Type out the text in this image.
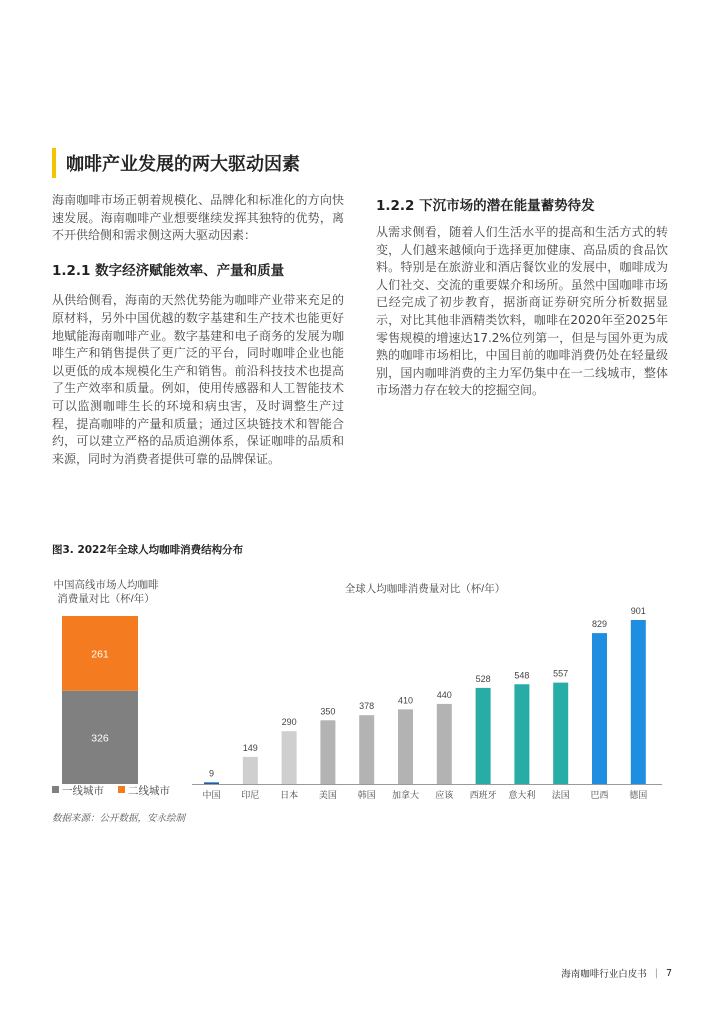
咖啡产业发展的两大驱动因素

海南咖啡市场正朝着规模化、品牌化和标准化的方向快速发展。海南咖啡产业想要继续发挥其独特的优势，离不开供给侧和需求侧这两大驱动因素：

1.2.1 数字经济赋能效率、产量和质量

从供给侧看，海南的天然优势能为咖啡产业带来充足的原材料，另外中国优越的数字基建和生产技术也能更好地赋能海南咖啡产业。数字基建和电子商务的发展为咖啡生产和销售提供了更广泛的平台，同时咖啡企业也能以更低的成本规模化生产和销售。前沿科技技术也提高了生产效率和质量。例如，使用传感器和人工智能技术可以监测咖啡生长的环境和病虫害，及时调整生产过程，提高咖啡的产量和质量；通过区块链技术和智能合约，可以建立严格的品质追溯体系，保证咖啡的品质和来源，同时为消费者提供可靠的品牌保证。

1.2.2 下沉市场的潜在能量蓄势待发

从需求侧看，随着人们生活水平的提高和生活方式的转变，人们越来越倾向于选择更加健康、高品质的食品饮料。特别是在旅游业和酒店餐饮业的发展中，咖啡成为人们社交、交流的重要媒介和场所。虽然中国咖啡市场已经完成了初步教育，据浙商证券研究所分析数据显示，对比其他非酒精类饮料，咖啡在2020年至2025年零售规模的增速达17.2%位列第一，但是与国外更为成熟的咖啡市场相比，中国目前的咖啡消费仍处在轻量级别，国内咖啡消费的主力军仍集中在一二线城市，整体市场潜力存在较大的挖掘空间。

图3. 2022年全球人均咖啡消费结构分布
中国高线市场人均咖啡
消费量对比（杯/年）
326
261
一线城市 二线城市
全球人均咖啡消费量对比（杯/年）
9
中国
149
印尼
290
日本
350
美国
378
韩国
410
加拿大
440
应该
528
西班牙
548
意大利
557
法国
829
巴西
901
德国
数据来源：公开数据，安永绘制
海南咖啡行业白皮书 | 7
